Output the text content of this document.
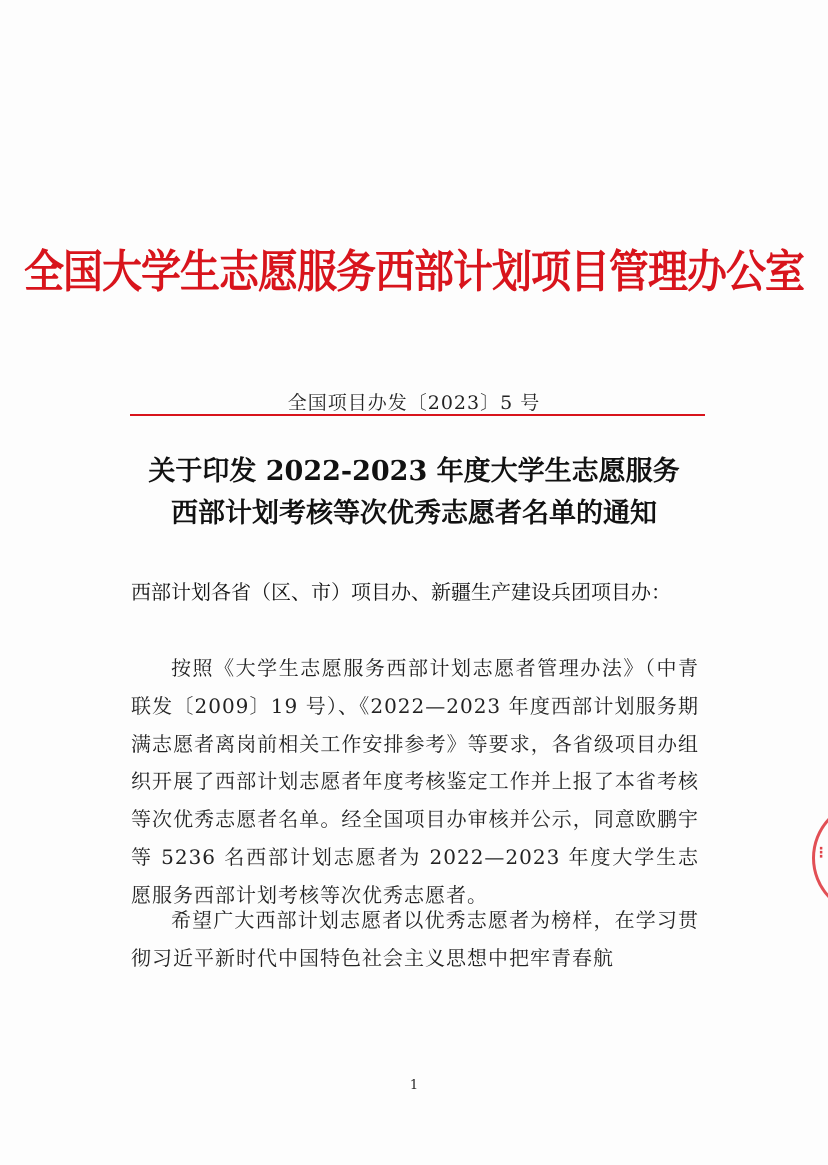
全国大学生志愿服务西部计划项目管理办公室
全国项目办发〔2023〕5 号
关于印发 2022-2023 年度大学生志愿服务
西部计划考核等次优秀志愿者名单的通知
西部计划各省（区、市）项目办、新疆生产建设兵团项目办：
按照《大学生志愿服务西部计划志愿者管理办法》（中青联发〔2009〕19 号）、《2022—2023 年度西部计划服务期满志愿者离岗前相关工作安排参考》等要求，各省级项目办组织开展了西部计划志愿者年度考核鉴定工作并上报了本省考核等次优秀志愿者名单。经全国项目办审核并公示，同意欧鹏宇等 5236 名西部计划志愿者为 2022—2023 年度大学生志愿服务西部计划考核等次优秀志愿者。
希望广大西部计划志愿者以优秀志愿者为榜样，在学习贯彻习近平新时代中国特色社会主义思想中把牢青春航
1
⋮
